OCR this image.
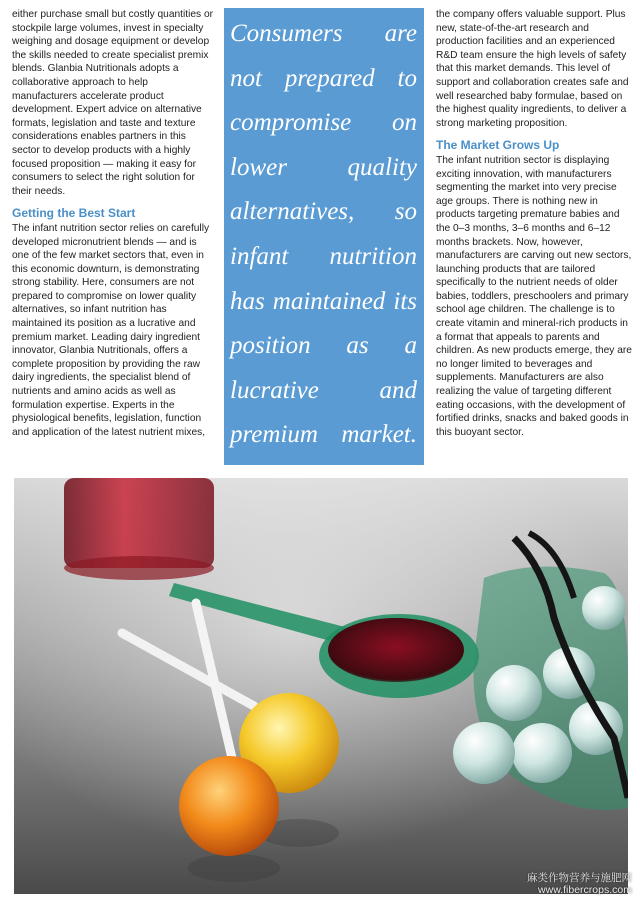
either purchase small but costly quantities or stockpile large volumes, invest in specialty weighing and dosage equipment or develop the skills needed to create specialist premix blends. Glanbia Nutritionals adopts a collaborative approach to help manufacturers accelerate product development. Expert advice on alternative formats, legislation and taste and texture considerations enables partners in this sector to develop products with a highly focused proposition — making it easy for consumers to select the right solution for their needs.

Getting the Best Start

The infant nutrition sector relies on carefully developed micronutrient blends — and is one of the few market sectors that, even in this economic downturn, is demonstrating strong stability. Here, consumers are not prepared to compromise on lower quality alternatives, so infant nutrition has maintained its position as a lucrative and premium market. Leading dairy ingredient innovator, Glanbia Nutritionals, offers a complete proposition by providing the raw dairy ingredients, the specialist blend of nutrients and amino acids as well as formulation expertise. Experts in the physiological benefits, legislation, function and application of the latest nutrient mixes,

Consumers are not prepared to compromise on lower quality alternatives, so infant nutrition has maintained its position as a lucrative and premium market.

the company offers valuable support. Plus new, state-of-the-art research and production facilities and an experienced R&D team ensure the high levels of safety that this market demands. This level of support and collaboration creates safe and well researched baby formulae, based on the highest quality ingredients, to deliver a strong marketing proposition.

The Market Grows Up

The infant nutrition sector is displaying exciting innovation, with manufacturers segmenting the market into very precise age groups. There is nothing new in products targeting premature babies and the 0–3 months, 3–6 months and 6–12 months brackets. Now, however, manufacturers are carving out new sectors, launching products that are tailored specifically to the nutrient needs of older babies, toddlers, preschoolers and primary school age children. The challenge is to create vitamin and mineral-rich products in a format that appeals to parents and children. As new products emerge, they are no longer limited to beverages and supplements. Manufacturers are also realizing the value of targeting different eating occasions, with the development of fortified drinks, snacks and baked goods in this buoyant sector.

麻类作物营养与施肥网
www.fibercrops.com
